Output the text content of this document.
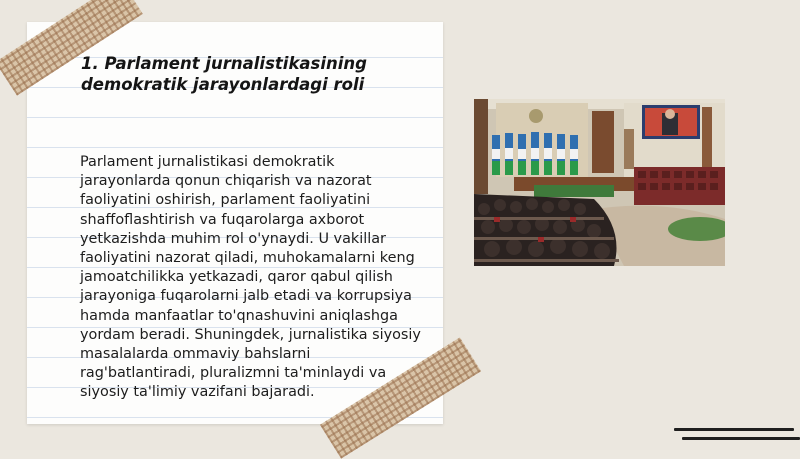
1. Parlament jurnalistikasining demokratik jarayonlardagi roli

Parlament jurnalistikasi demokratik jarayonlarda qonun chiqarish va nazorat faoliyatini oshirish, parlament faoliyatini shaffoflashtirish va fuqarolarga axborot yetkazishda muhim rol o'ynaydi. U vakillar faoliyatini nazorat qiladi, muhokamalarni keng jamoatchilikka yetkazadi, qaror qabul qilish jarayoniga fuqarolarni jalb etadi va korrupsiya hamda manfaatlar to'qnashuvini aniqlashga yordam beradi. Shuningdek, jurnalistika siyosiy masalalarda ommaviy bahslarni rag'batlantiradi, pluralizmni ta'minlaydi va siyosiy ta'limiy vazifani bajaradi.
